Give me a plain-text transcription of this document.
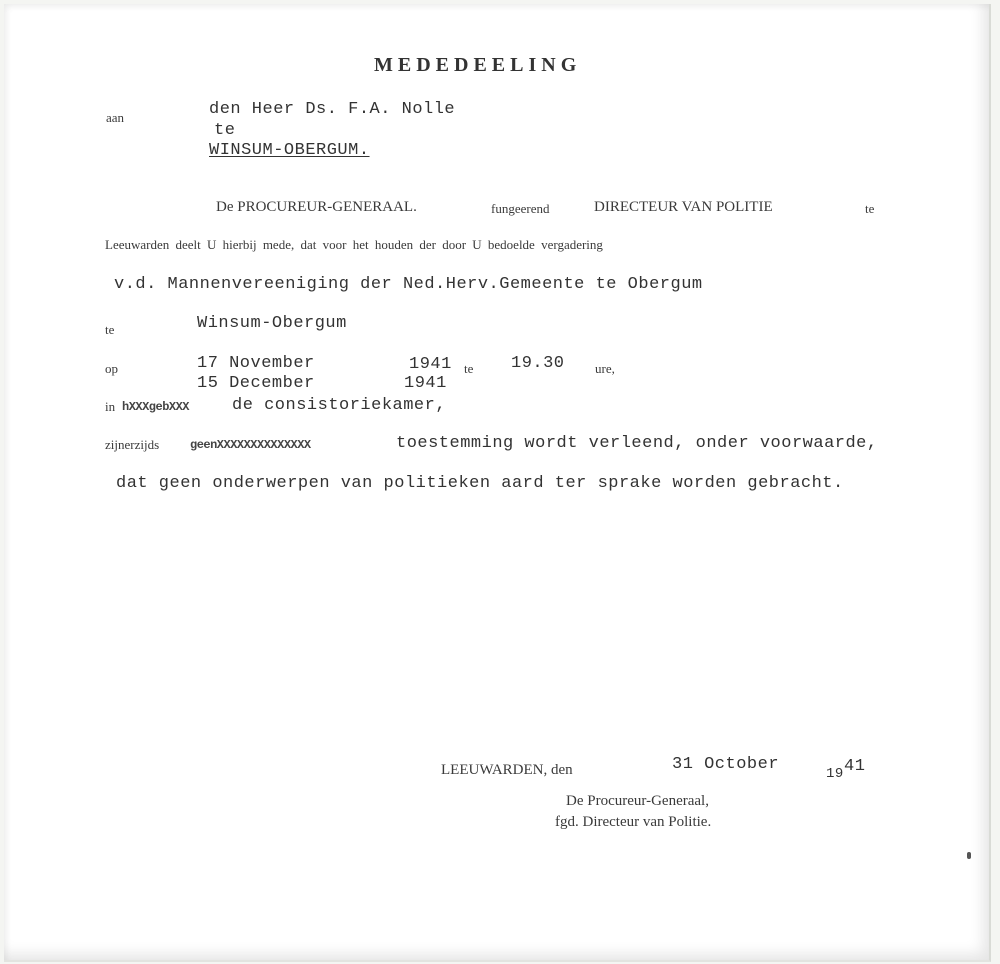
MEDEDEELING
aan	den Heer Ds. F.A. Nolle
te
WINSUM-OBERGUM.
De PROCUREUR-GENERAAL.	fungeerend	DIRECTEUR VAN POLITIE	te
Leeuwarden deelt U hierbij mede, dat voor het houden der door U bedoelde vergadering
v.d. Mannenvereeniging der Ned.Herv.Gemeente te Obergum
te	Winsum-Obergum
op	17 November	1941 te 19.30 ure,
15 December	1941
in hXXXgebXXX	de consistoriekamer,
zijnerzijds	geenXXXXXXXXXXXXXX	toestemming wordt verleend, onder voorwaarde,
dat geen onderwerpen van politieken aard ter sprake worden gebracht.
LEEUWARDEN, den	31 October	19 41
De Procureur-Generaal,
fgd. Directeur van Politie.
